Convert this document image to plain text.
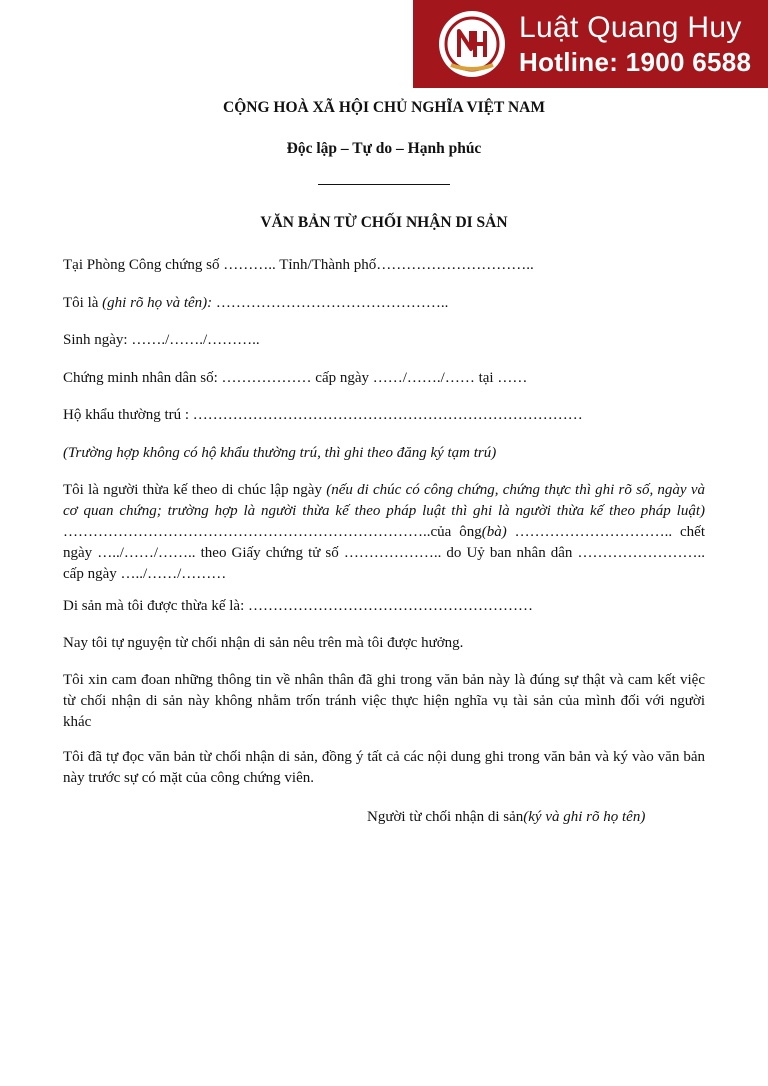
Luật Quang Huy
Hotline: 1900 6588
CỘNG HOÀ XÃ HỘI CHỦ NGHĨA VIỆT NAM
Độc lập – Tự do – Hạnh phúc
VĂN BẢN TỪ CHỐI NHẬN DI SẢN
Tại Phòng Công chứng số ……….. Tỉnh/Thành phố…………………………..
Tôi là (ghi rõ họ và tên): ………………………………………..
Sinh ngày: ……./……./………..
Chứng minh nhân dân số: ……………… cấp ngày ……/……./…… tại ……
Hộ khẩu thường trú : ……………………………………………………………………
(Trường hợp không có hộ khẩu thường trú, thì ghi theo đăng ký tạm trú)
Tôi là người thừa kế theo di chúc lập ngày (nếu di chúc có công chứng, chứng thực thì ghi rõ số, ngày và cơ quan chứng; trường hợp là người thừa kế theo pháp luật thì ghi là người thừa kế theo pháp luật) ………………………………………………………………..của ông(bà) ………………………….. chết ngày …../……/…….. theo Giấy chứng tử số ……………….. do Uỷ ban nhân dân …………………….. cấp ngày …../……/………
Di sản mà tôi được thừa kế là: …………………………………………………
Nay tôi tự nguyện từ chối nhận di sản nêu trên mà tôi được hưởng.
Tôi xin cam đoan những thông tin về nhân thân đã ghi trong văn bản này là đúng sự thật và cam kết việc từ chối nhận di sản này không nhằm trốn tránh việc thực hiện nghĩa vụ tài sản của mình đối với người khác
Tôi đã tự đọc văn bản từ chối nhận di sản, đồng ý tất cả các nội dung ghi trong văn bản và ký vào văn bản này trước sự có mặt của công chứng viên.
Người từ chối nhận di sản(ký và ghi rõ họ tên)
